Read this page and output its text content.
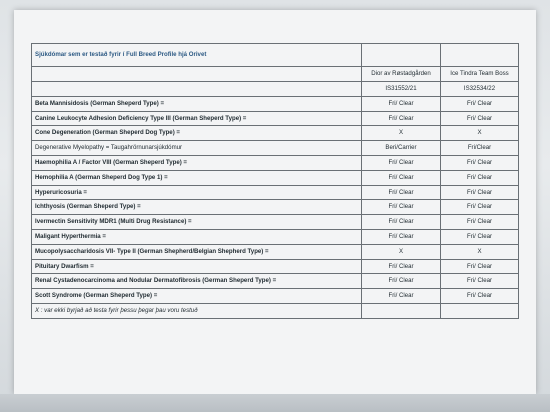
Sjúkdómar sem er testað fyrir í Full Breed Profile hjá Orivet		
	Dior av Røstadgården	Ice Tindra Team Boss
	IS31552/21	IS32534/22
Beta Mannisidosis (German Sheperd Type) =	Fri/ Clear	Fri/ Clear
Canine Leukocyte Adhesion Deficiency Type III (German Sheperd Type) =	Fri/ Clear	Fri/ Clear
Cone Degeneration (German Sheperd Dog Type) =	X	X
Degenerative Myelopathy = Taugahrörnunarsjúkdómur	Beri/Carrier	Fri/Clear
Haemophilia A / Factor VIII (German Sheperd Type) =	Fri/ Clear	Fri/ Clear
Hemophilia A (German Sheperd Dog Type 1) =	Fri/ Clear	Fri/ Clear
Hyperuricosuria =	Fri/ Clear	Fri/ Clear
Ichthyosis (German Sheperd Type) =	Fri/ Clear	Fri/ Clear
Ivermectin Sensitivity MDR1 (Multi Drug Resistance) =	Fri/ Clear	Fri/ Clear
Maligant Hyperthermia =	Fri/ Clear	Fri/ Clear
Mucopolysaccharidosis VII- Type II (German Shepherd/Belgian Shepherd Type) =	X	X
Pituitary Dwarfism =	Fri/ Clear	Fri/ Clear
Renal Cystadenocarcinoma and Nodular Dermatofibrosis (German Sheperd Type) =	Fri/ Clear	Fri/ Clear
Scott Syndrome (German Sheperd Type) =	Fri/ Clear	Fri/ Clear
X : var ekki byrjað að testa fyrir þessu þegar þau voru testuð		
